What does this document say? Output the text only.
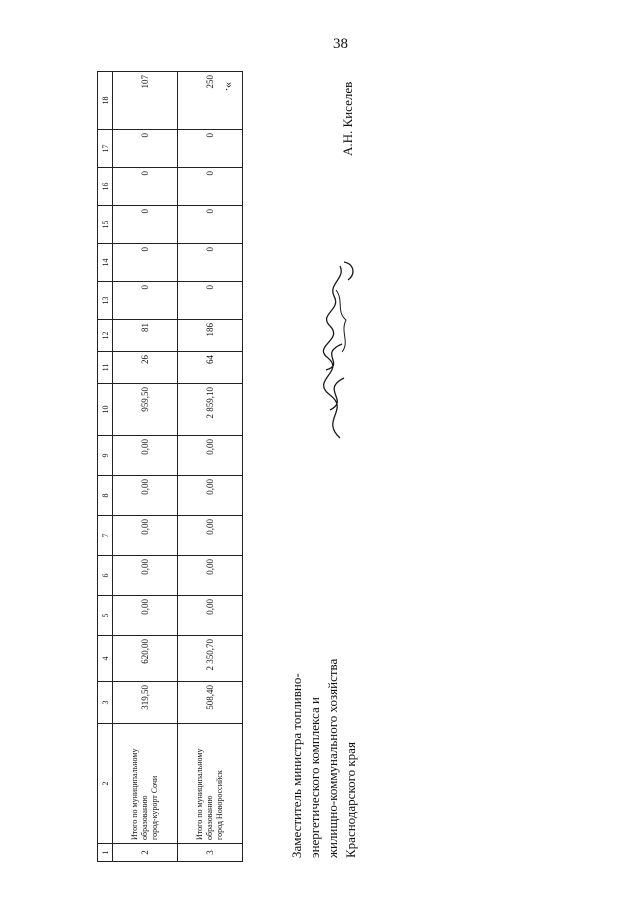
38
1	2	3	4	5	6	7	8	9	10	11	12	13	14	15	16	17	18
2	Итого по муниципальному образованию город-курорт Сочи	319,50	620,00	0,00	0,00	0,00	0,00	0,00	959,50	26	81	0	0	0	0	0	107
3	Итого по муниципальному образованию город Новороссийск	508,40	2 350,70	0,00	0,00	0,00	0,00	0,00	2 859,10	64	186	0	0	0	0	0	250 ».
Заместитель министра топливно- энергетического комплекса и жилищно-коммунального хозяйства Краснодарского края
А.Н. Киселев
